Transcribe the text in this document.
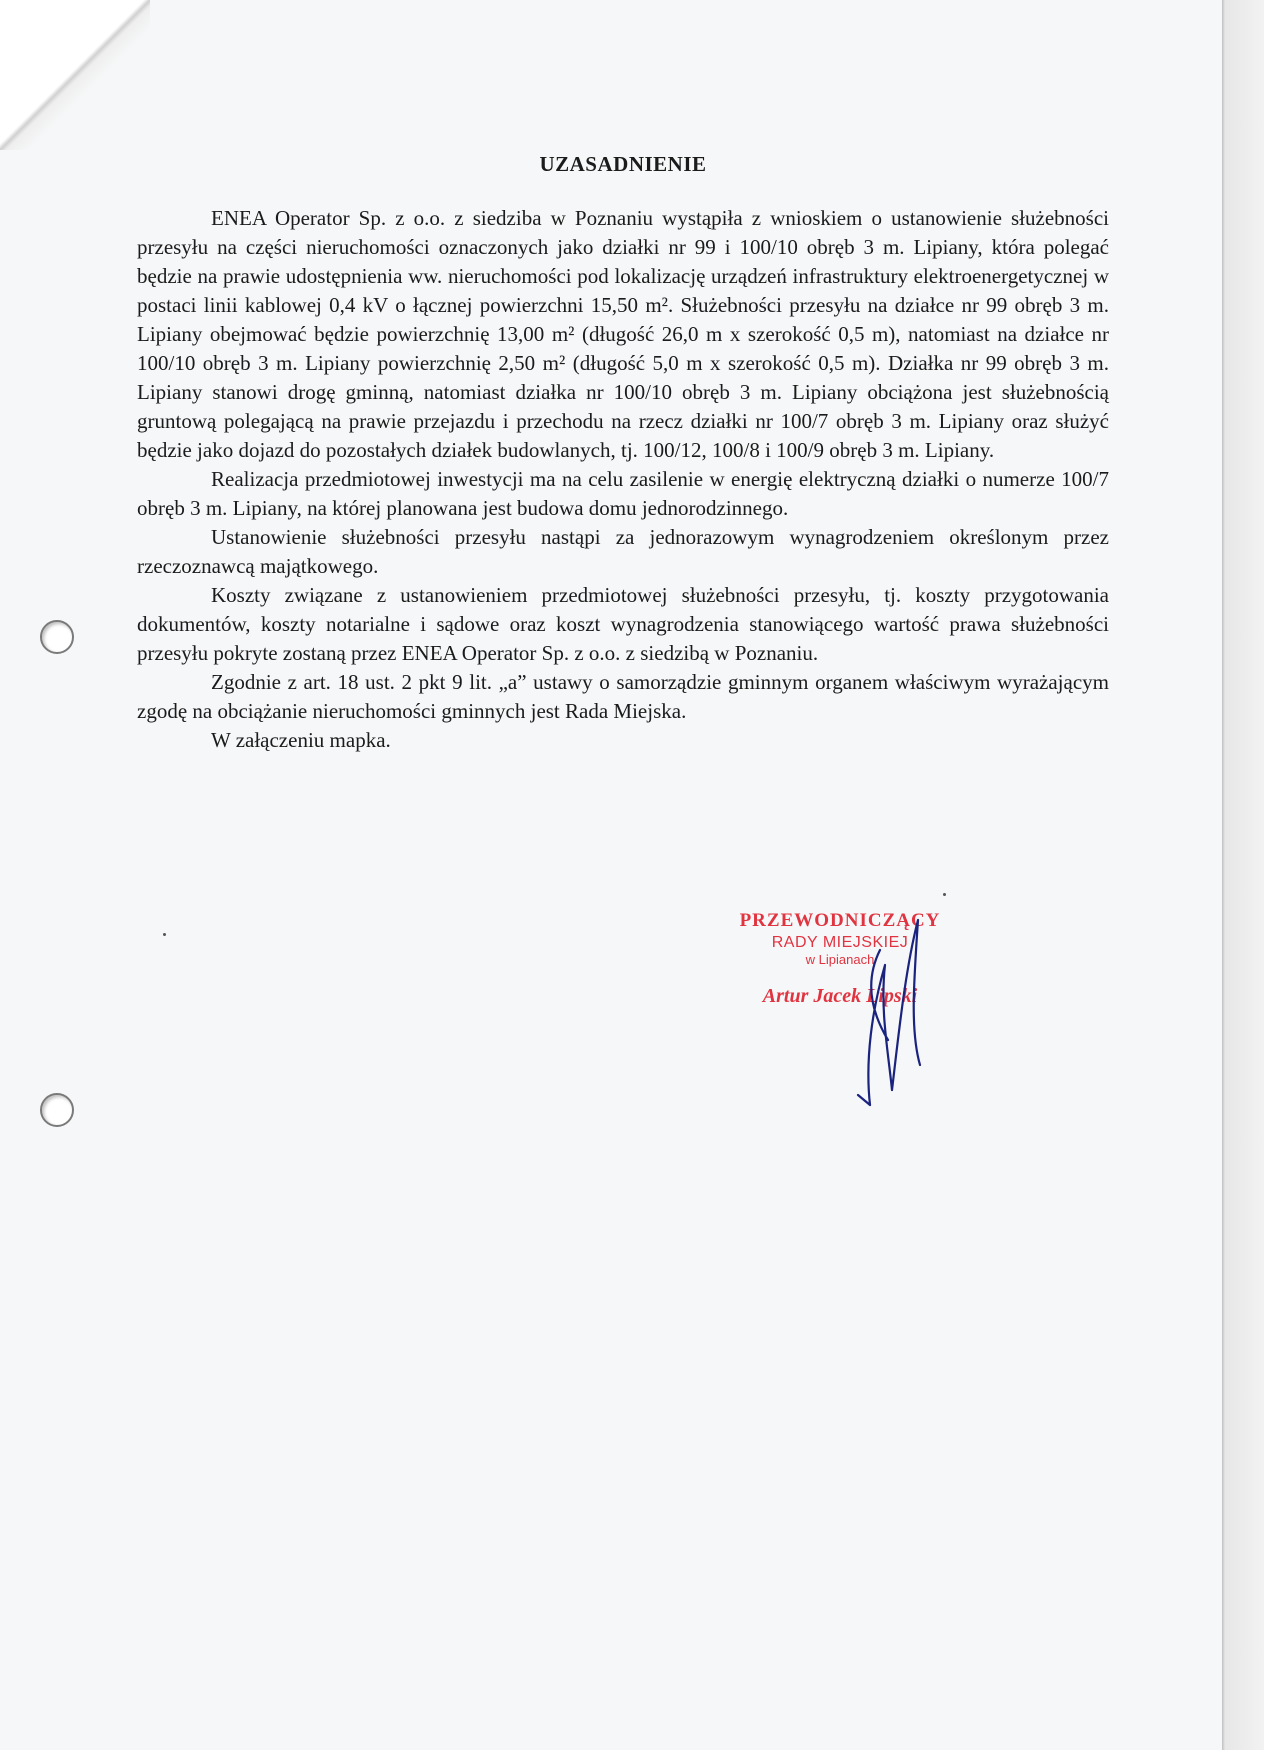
UZASADNIENIE

ENEA Operator Sp. z o.o. z siedziba w Poznaniu wystąpiła z wnioskiem o ustanowienie służebności przesyłu na części nieruchomości oznaczonych jako działki nr 99 i 100/10 obręb 3 m. Lipiany, która polegać będzie na prawie udostępnienia ww. nieruchomości pod lokalizację urządzeń infrastruktury elektroenergetycznej w postaci linii kablowej 0,4 kV o łącznej powierzchni 15,50 m². Służebności przesyłu na działce nr 99 obręb 3 m. Lipiany obejmować będzie powierzchnię 13,00 m² (długość 26,0 m x szerokość 0,5 m), natomiast na działce nr 100/10 obręb 3 m. Lipiany powierzchnię 2,50 m² (długość 5,0 m x szerokość 0,5 m). Działka nr 99 obręb 3 m. Lipiany stanowi drogę gminną, natomiast działka nr 100/10 obręb 3 m. Lipiany obciążona jest służebnością gruntową polegającą na prawie przejazdu i przechodu na rzecz działki nr 100/7 obręb 3 m. Lipiany oraz służyć będzie jako dojazd do pozostałych działek budowlanych, tj. 100/12, 100/8 i 100/9 obręb 3 m. Lipiany.

Realizacja przedmiotowej inwestycji ma na celu zasilenie w energię elektryczną działki o numerze 100/7 obręb 3 m. Lipiany, na której planowana jest budowa domu jednorodzinnego.

Ustanowienie służebności przesyłu nastąpi za jednorazowym wynagrodzeniem określonym przez rzeczoznawcą majątkowego.

Koszty związane z ustanowieniem przedmiotowej służebności przesyłu, tj. koszty przygotowania dokumentów, koszty notarialne i sądowe oraz koszt wynagrodzenia stanowiącego wartość prawa służebności przesyłu pokryte zostaną przez ENEA Operator Sp. z o.o. z siedzibą w Poznaniu.

Zgodnie z art. 18 ust. 2 pkt 9 lit. „a” ustawy o samorządzie gminnym organem właściwym wyrażającym zgodę na obciążanie nieruchomości gminnych jest Rada Miejska.

W załączeniu mapka.

PRZEWODNICZĄCY
RADY MIEJSKIEJ
w Lipianach
Artur Jacek Lipski
